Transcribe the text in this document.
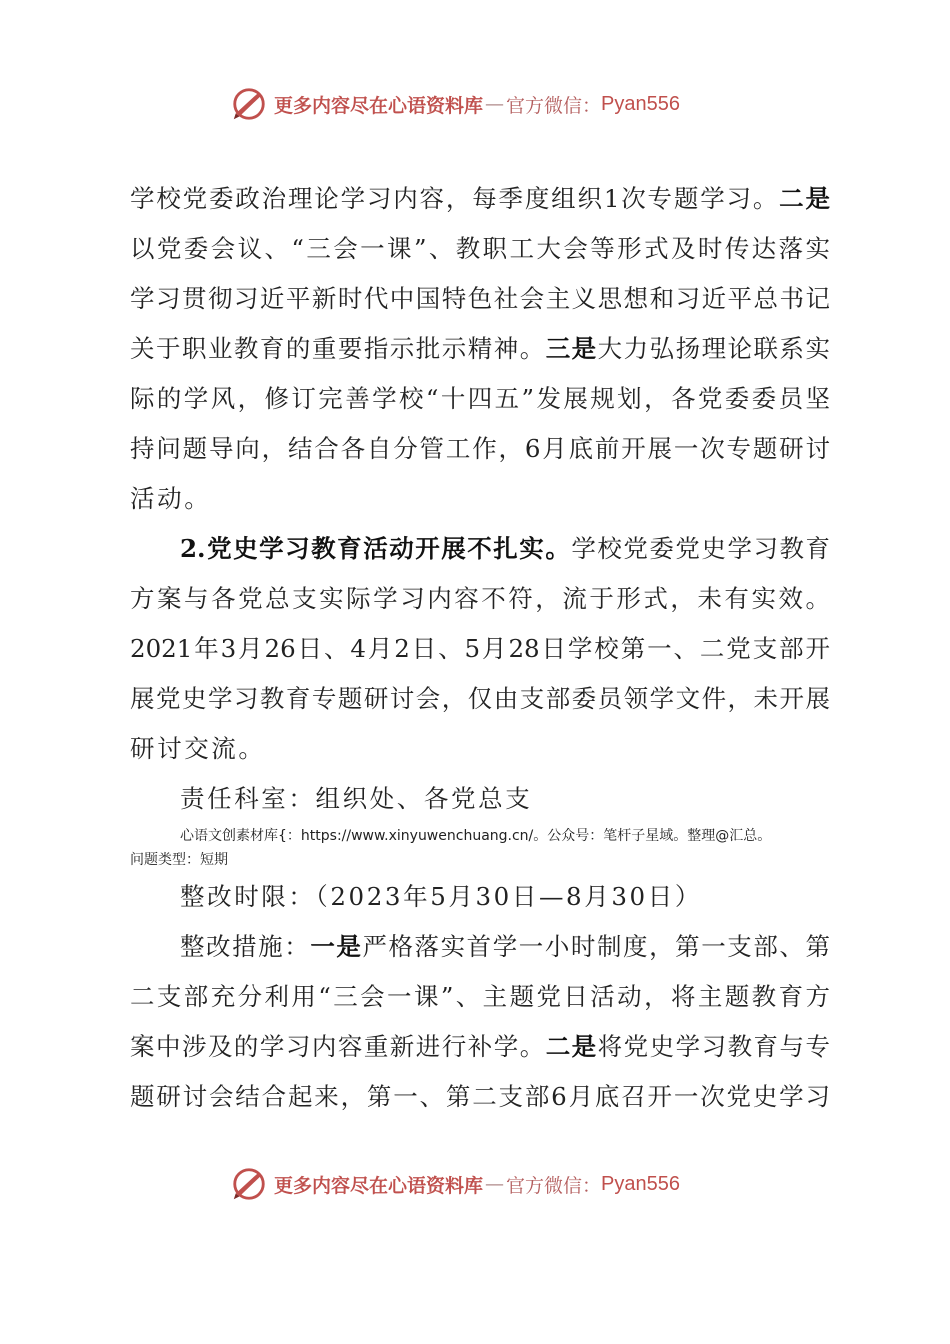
更多内容尽在心语资料库 — 官方微信： Pyan556
学校党委政治理论学习内容，每季度组织1次专题学习。二是
以党委会议、“三会一课”、教职工大会等形式及时传达落实
学习贯彻习近平新时代中国特色社会主义思想和习近平总书记
关于职业教育的重要指示批示精神。三是大力弘扬理论联系实
际的学风，修订完善学校“十四五”发展规划，各党委委员坚
持问题导向，结合各自分管工作，6月底前开展一次专题研讨
活动。
2.党史学习教育活动开展不扎实。学校党委党史学习教育
方案与各党总支实际学习内容不符，流于形式，未有实效。
2021年3月26日、4月2日、5月28日学校第一、二党支部开
展党史学习教育专题研讨会，仅由支部委员领学文件，未开展
研讨交流。
责任科室：组织处、各党总支
心语文创素材库{：https://www.xinyuwenchuang.cn/。公众号：笔杆子星域。整理@汇总。
问题类型：短期
整改时限：（2023年5月30日—8月30日）
整改措施：一是严格落实首学一小时制度，第一支部、第
二支部充分利用“三会一课”、主题党日活动，将主题教育方
案中涉及的学习内容重新进行补学。二是将党史学习教育与专
题研讨会结合起来，第一、第二支部6月底召开一次党史学习
更多内容尽在心语资料库 — 官方微信： Pyan556
